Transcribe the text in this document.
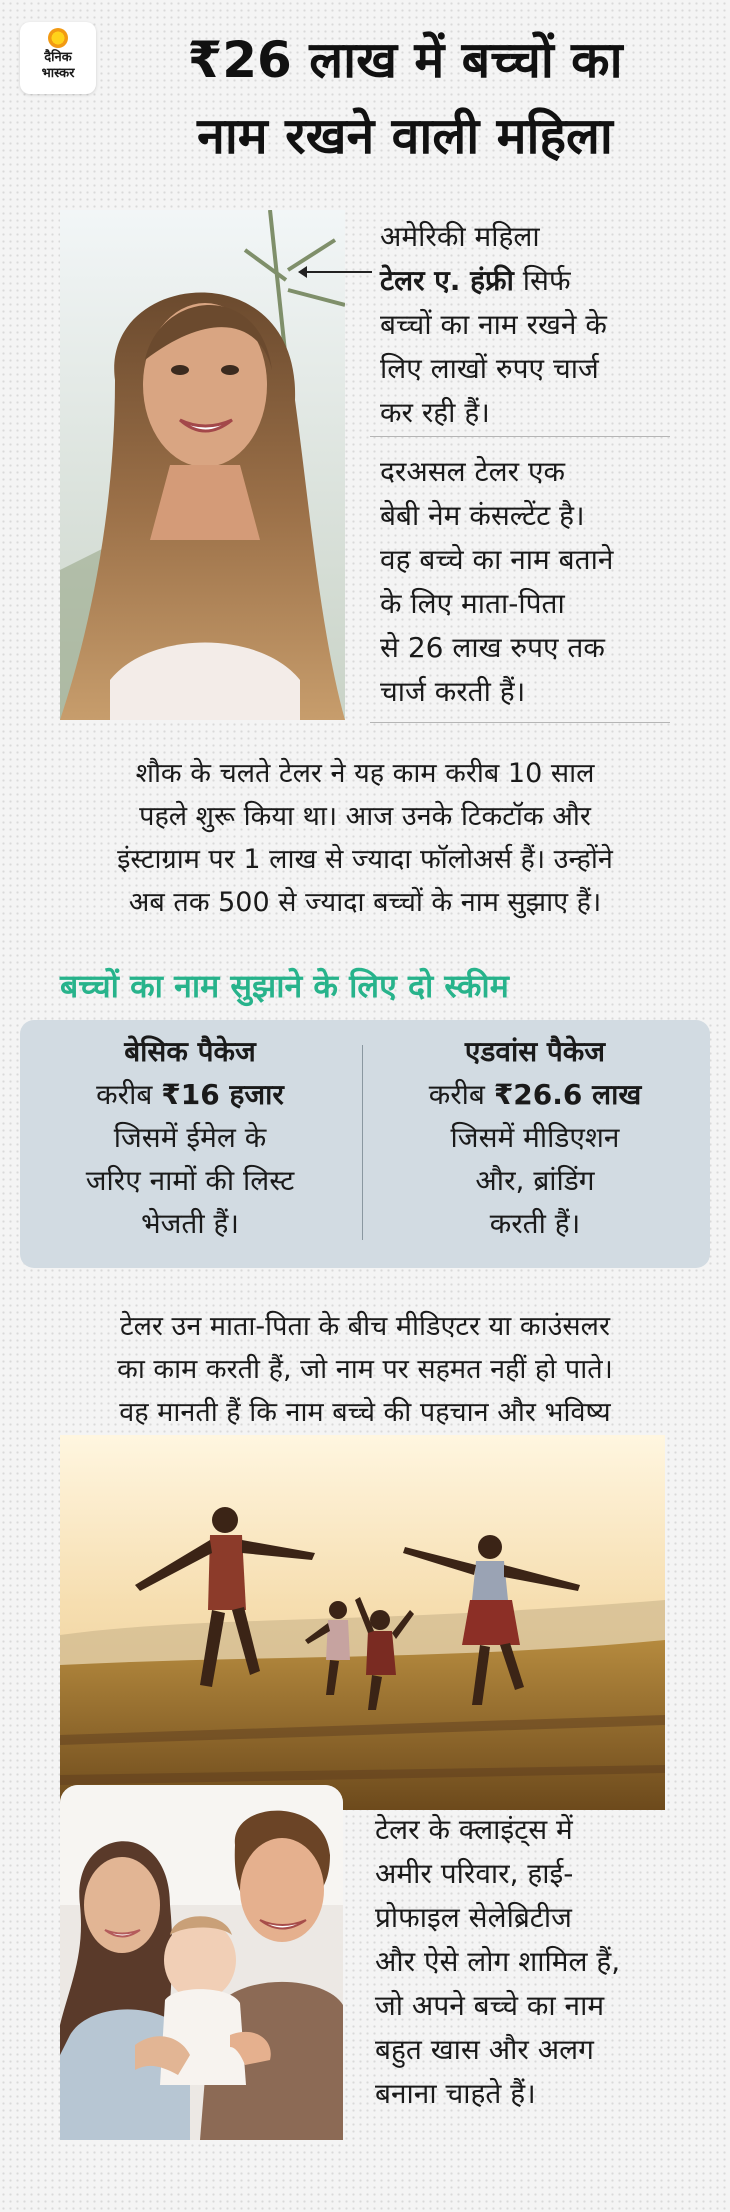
दैनिक
भास्कर	₹26 लाख में बच्चों का
नाम रखने वाली महिला
अमेरिकी महिला
टेलर ए. हंफ्री सिर्फ
बच्चों का नाम रखने के
लिए लाखों रुपए चार्ज
कर रही हैं।
दरअसल टेलर एक
बेबी नेम कंसल्टेंट है।
वह बच्चे का नाम बताने
के लिए माता-पिता
से 26 लाख रुपए तक
चार्ज करती हैं।
शौक के चलते टेलर ने यह काम करीब 10 साल
पहले शुरू किया था। आज उनके टिकटॉक और
इंस्टाग्राम पर 1 लाख से ज्यादा फॉलोअर्स हैं। उन्होंने
अब तक 500 से ज्यादा बच्चों के नाम सुझाए हैं।
बच्चों का नाम सुझाने के लिए दो स्कीम
बेसिक पैकेज
करीब ₹16 हजार
जिसमें ईमेल के
जरिए नामों की लिस्ट
भेजती हैं।
एडवांस पैकेज
करीब ₹26.6 लाख
जिसमें मीडिएशन
और, ब्रांडिंग
करती हैं।
टेलर उन माता-पिता के बीच मीडिएटर या काउंसलर
का काम करती हैं, जो नाम पर सहमत नहीं हो पाते।
वह मानती हैं कि नाम बच्चे की पहचान और भविष्य
टेलर के क्लाइंट्स में
अमीर परिवार, हाई-
प्रोफाइल सेलेब्रिटीज
और ऐसे लोग शामिल हैं,
जो अपने बच्चे का नाम
बहुत खास और अलग
बनाना चाहते हैं।
